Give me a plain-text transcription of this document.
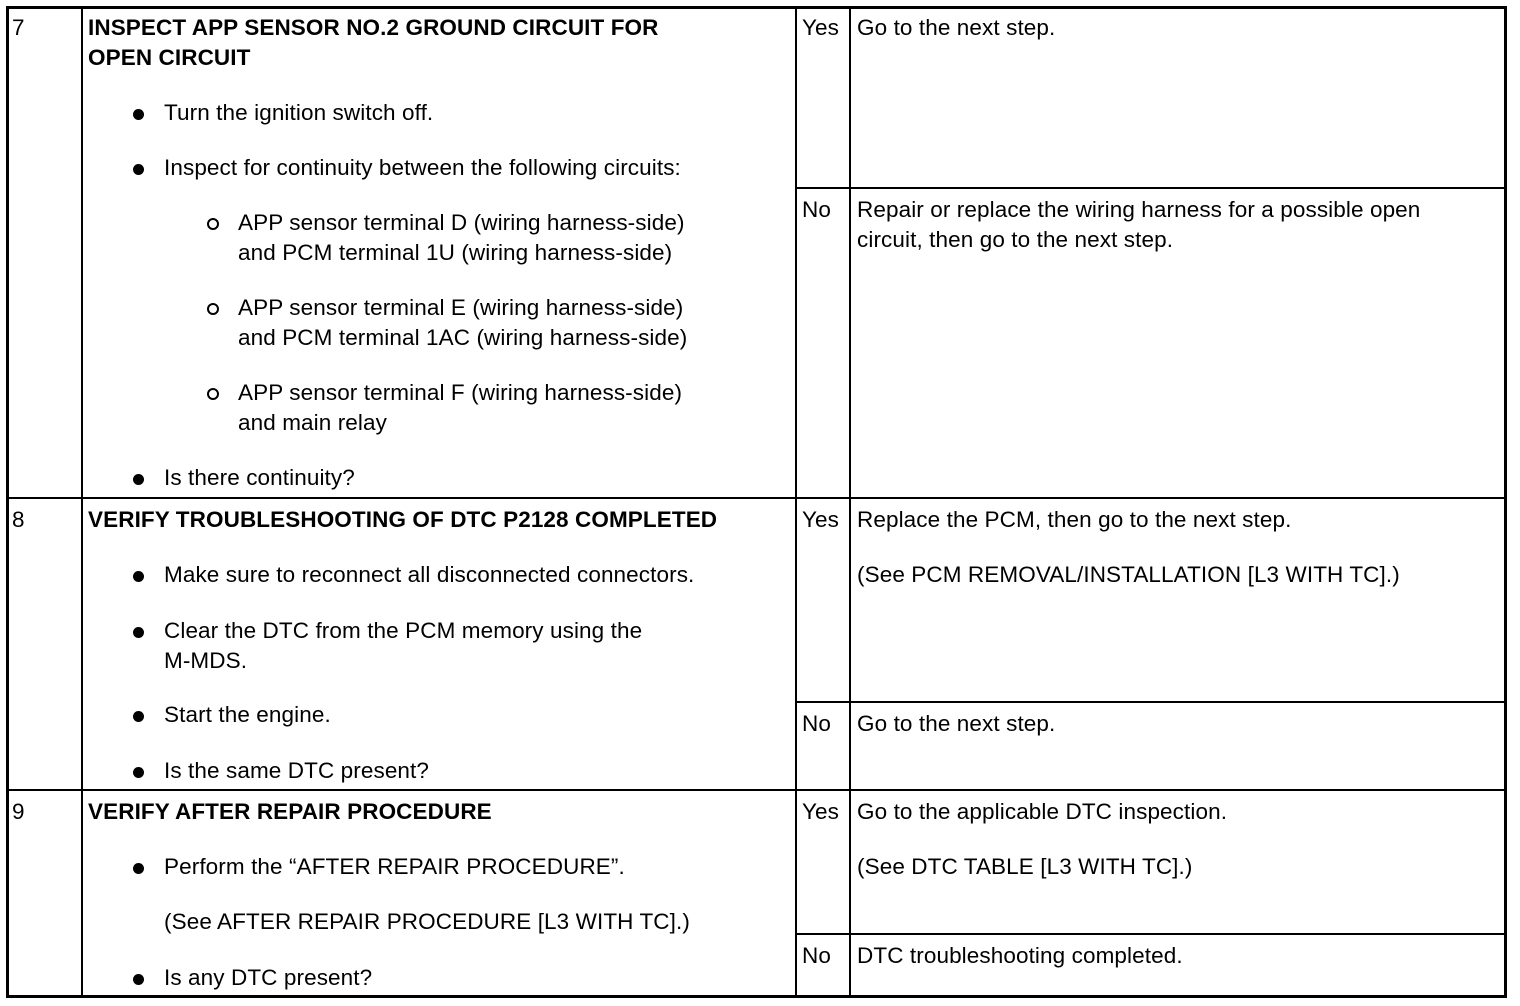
7	INSPECT APP SENSOR NO.2 GROUND CIRCUIT FOR
OPEN CIRCUIT
Turn the ignition switch off.
Inspect for continuity between the following circuits:
APP sensor terminal D (wiring harness-side)
and PCM terminal 1U (wiring harness-side)
APP sensor terminal E (wiring harness-side)
and PCM terminal 1AC (wiring harness-side)
APP sensor terminal F (wiring harness-side)
and main relay
Is there continuity?
Yes Go to the next step.
No Repair or replace the wiring harness for a possible open
circuit, then go to the next step.
8	VERIFY TROUBLESHOOTING OF DTC P2128 COMPLETED
Make sure to reconnect all disconnected connectors.
Clear the DTC from the PCM memory using the
M-MDS.
Start the engine.
Is the same DTC present?
Yes Replace the PCM, then go to the next step.
(See PCM REMOVAL/INSTALLATION [L3 WITH TC].)
No Go to the next step.
9	VERIFY AFTER REPAIR PROCEDURE
Perform the “AFTER REPAIR PROCEDURE”.
(See AFTER REPAIR PROCEDURE [L3 WITH TC].)
Is any DTC present?
Yes Go to the applicable DTC inspection.
(See DTC TABLE [L3 WITH TC].)
No DTC troubleshooting completed.
